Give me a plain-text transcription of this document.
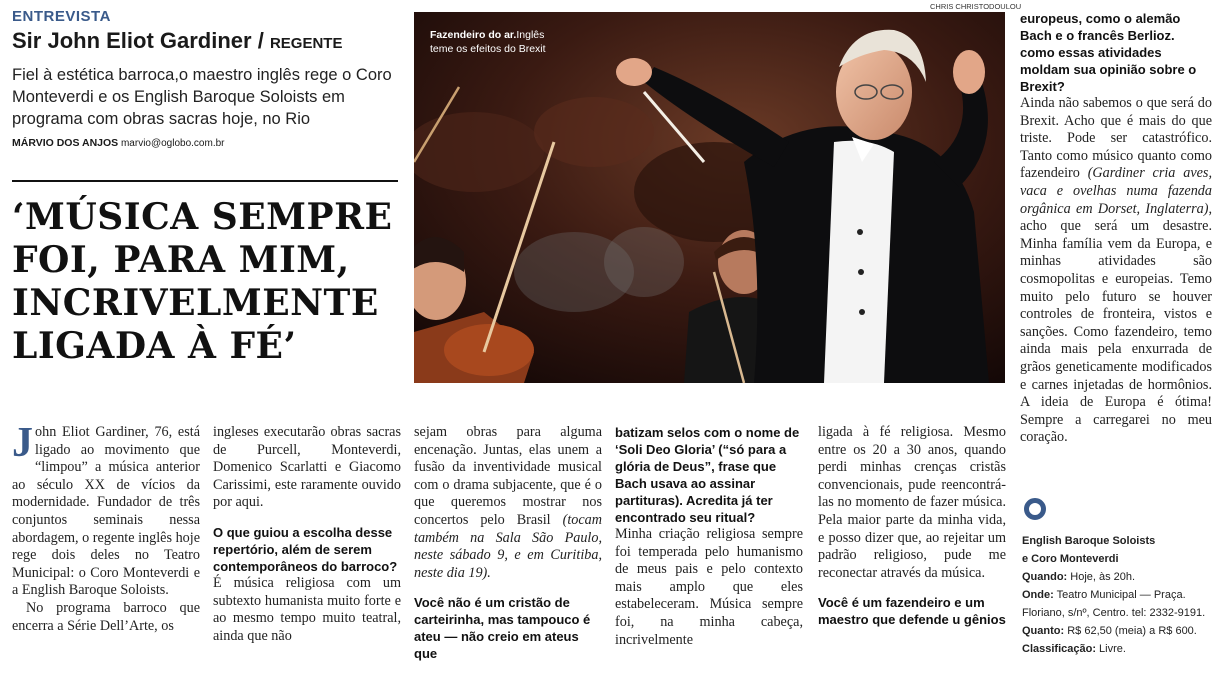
ENTREVISTA
Sir John Eliot Gardiner / REGENTE
Fiel à estética barroca,o maestro inglês rege o Coro Monteverdi e os English Baroque Soloists em programa com obras sacras hoje, no Rio
MÁRVIO DOS ANJOS marvio@oglobo.com.br
‘MÚSICA SEMPRE FOI, PARA MIM, INCRIVELMENTE LIGADA À FÉ’
CHRIS CHRISTODOULOU
Fazendeiro do ar.Inglês teme os efeitos do Brexit

John Eliot Gardiner, 76, está ligado ao movimento que “limpou” a música anterior ao século XX de vícios da modernidade. Fundador de três conjuntos seminais nessa abordagem, o regente inglês hoje rege dois deles no Teatro Municipal: o Coro Monteverdi e a English Baroque Soloists.

No programa barroco que encerra a Série Dell’Arte, os

ingleses executarão obras sacras de Purcell, Monteverdi, Domenico Scarlatti e Giacomo Carissimi, este raramente ouvido por aqui.

O que guiou a escolha desse repertório, além de serem contemporâneos do barroco?

É música religiosa com um subtexto humanista muito forte e ao mesmo tempo muito teatral, ainda que não

sejam obras para alguma encenação. Juntas, elas unem a fusão da inventividade musical com o drama subjacente, que é o que queremos mostrar nos concertos pelo Brasil (tocam também na Sala São Paulo, neste sábado 9, e em Curitiba, neste dia 19).

Você não é um cristão de carteirinha, mas tampouco é ateu — não creio em ateus que

batizam selos com o nome de ‘Soli Deo Gloria’ (“só para a glória de Deus”, frase que Bach usava ao assinar partituras). Acredita já ter encontrado seu ritual?

Minha criação religiosa sempre foi temperada pelo humanismo de meus pais e pelo contexto mais amplo que eles estabeleceram. Música sempre foi, na minha cabeça, incrivelmente

ligada à fé religiosa. Mesmo entre os 20 a 30 anos, quando perdi minhas crenças cristãs convencionais, pude reencontrá-las no momento de fazer música. Pela maior parte da minha vida, e posso dizer que, ao rejeitar um padrão religioso, pude me reconectar através da música.

Você é um fazendeiro e um maestro que defende u gênios

europeus, como o alemão Bach e o francês Berlioz. como essas atividades moldam sua opinião sobre o Brexit?

Ainda não sabemos o que será do Brexit. Acho que é mais do que triste. Pode ser catastrófico. Tanto como músico quanto como fazendeiro (Gardiner cria aves, vaca e ovelhas numa fazenda orgânica em Dorset, Inglaterra), acho que será um desastre. Minha família vem da Europa, e minhas atividades são cosmopolitas e europeias. Temo muito pelo futuro se houver controles de fronteira, vistos e sanções. Como fazendeiro, temo ainda mais pela enxurrada de grãos geneticamente modificados e carnes injetadas de hormônios. A ideia de Europa é ótima! Sempre a carregarei no meu coração.

English Baroque Soloists
e Coro Monteverdi
Quando: Hoje, às 20h.
Onde: Teatro Municipal — Praça. Floriano, s/nº, Centro. tel: 2332-9191.
Quanto: R$ 62,50 (meia) a R$ 600.
Classificação: Livre.
